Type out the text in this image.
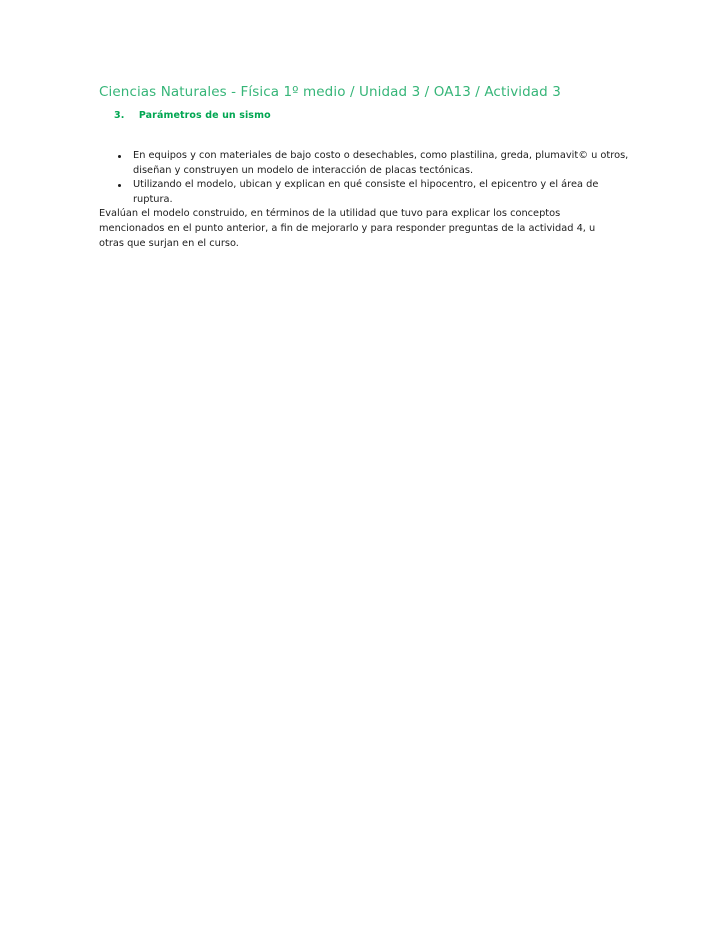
Ciencias Naturales - Física 1º medio / Unidad 3 / OA13 / Actividad 3
3. Parámetros de un sismo
En equipos y con materiales de bajo costo o desechables, como plastilina, greda, plumavit© u otros, diseñan y construyen un modelo de interacción de placas tectónicas.
Utilizando el modelo, ubican y explican en qué consiste el hipocentro, el epicentro y el área de ruptura.

Evalúan el modelo construido, en términos de la utilidad que tuvo para explicar los conceptos mencionados en el punto anterior, a fin de mejorarlo y para responder preguntas de la actividad 4, u otras que surjan en el curso.
